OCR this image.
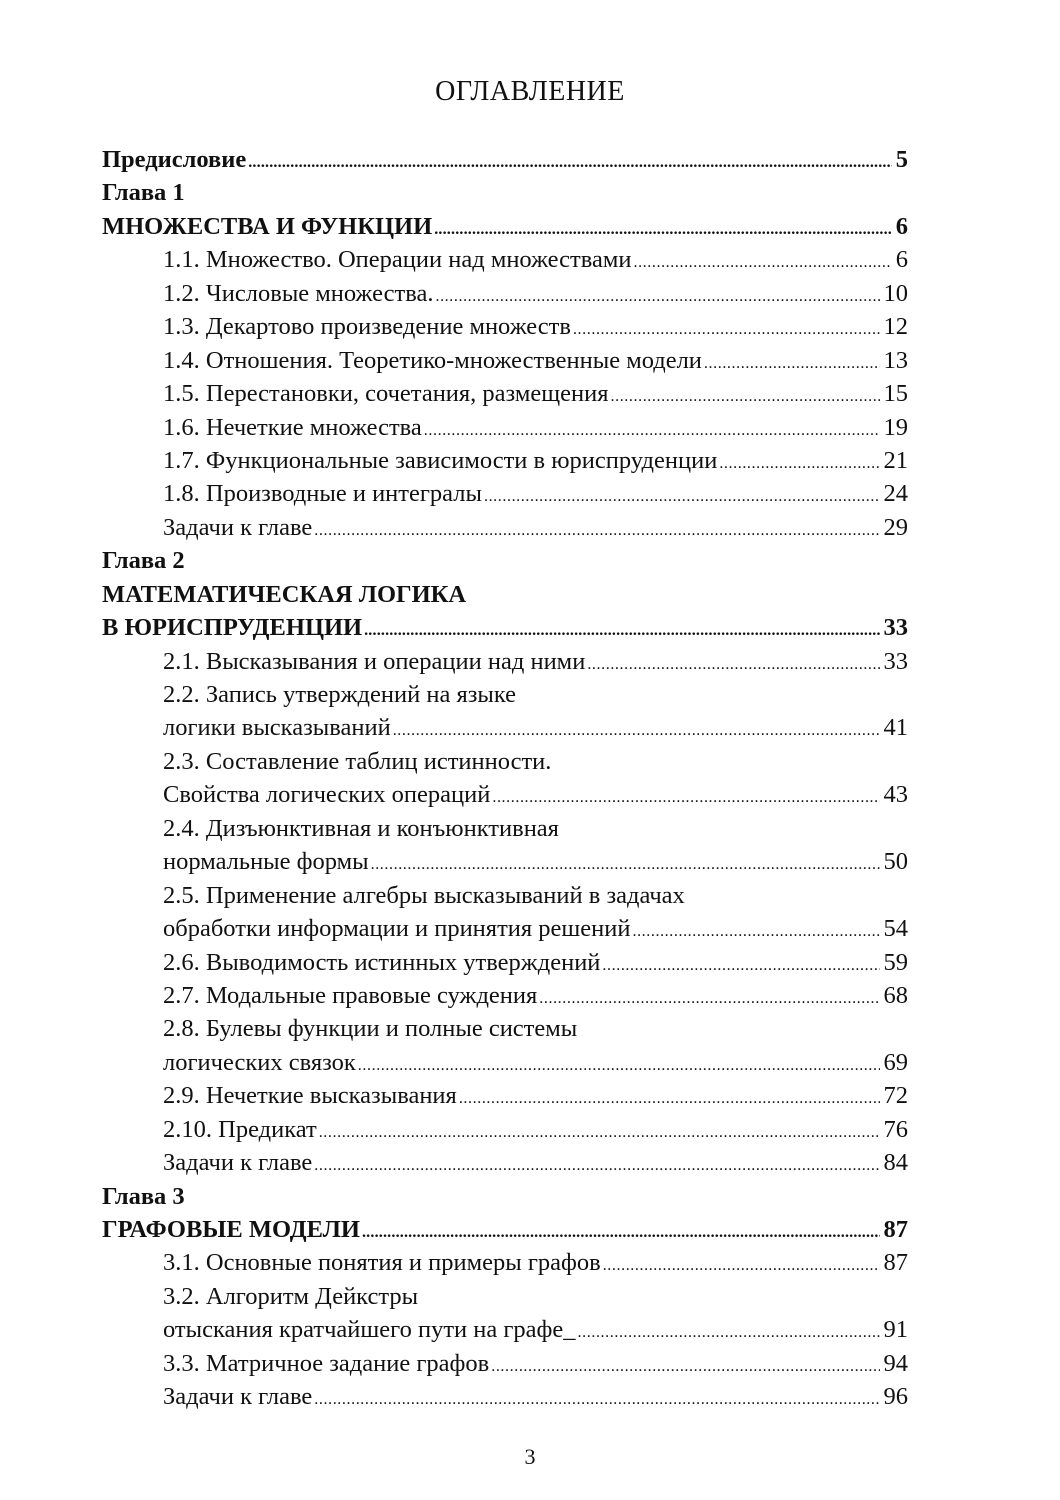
ОГЛАВЛЕНИЕ
Предисловие . . .	5
Глава 1
МНОЖЕСТВА И ФУНКЦИИ . . .	6
1.1. Множество. Операции над множествами . . .	6
1.2. Числовые множества. . . .	10
1.3. Декартово произведение множеств . . .	12
1.4. Отношения. Теоретико-множественные модели . . .	13
1.5. Перестановки, сочетания, размещения . . .	15
1.6. Нечеткие множества . . .	19
1.7. Функциональные зависимости в юриспруденции . . .	21
1.8. Производные и интегралы . . .	24
Задачи к главе . . .	29
Глава 2
МАТЕМАТИЧЕСКАЯ ЛОГИКА
В ЮРИСПРУДЕНЦИИ . . .	33
2.1. Высказывания и операции над ними . . .	33
2.2. Запись утверждений на языке
логики высказываний . . .	41
2.3. Составление таблиц истинности.
Свойства логических операций . . .	43
2.4. Дизъюнктивная и конъюнктивная
нормальные формы . . .	50
2.5. Применение алгебры высказываний в задачах
обработки информации и принятия решений . . .	54
2.6. Выводимость истинных утверждений . . .	59
2.7. Модальные правовые суждения . . .	68
2.8. Булевы функции и полные системы
логических связок . . .	69
2.9. Нечеткие высказывания . . .	72
2.10. Предикат . . .	76
Задачи к главе . . .	84
Глава 3
ГРАФОВЫЕ МОДЕЛИ . . .	87
3.1. Основные понятия и примеры графов . . .	87
3.2. Алгоритм Дейкстры
отыскания кратчайшего пути на графе_ . . .	91
3.3. Матричное задание графов . . .	94
Задачи к главе . . .	96
3
